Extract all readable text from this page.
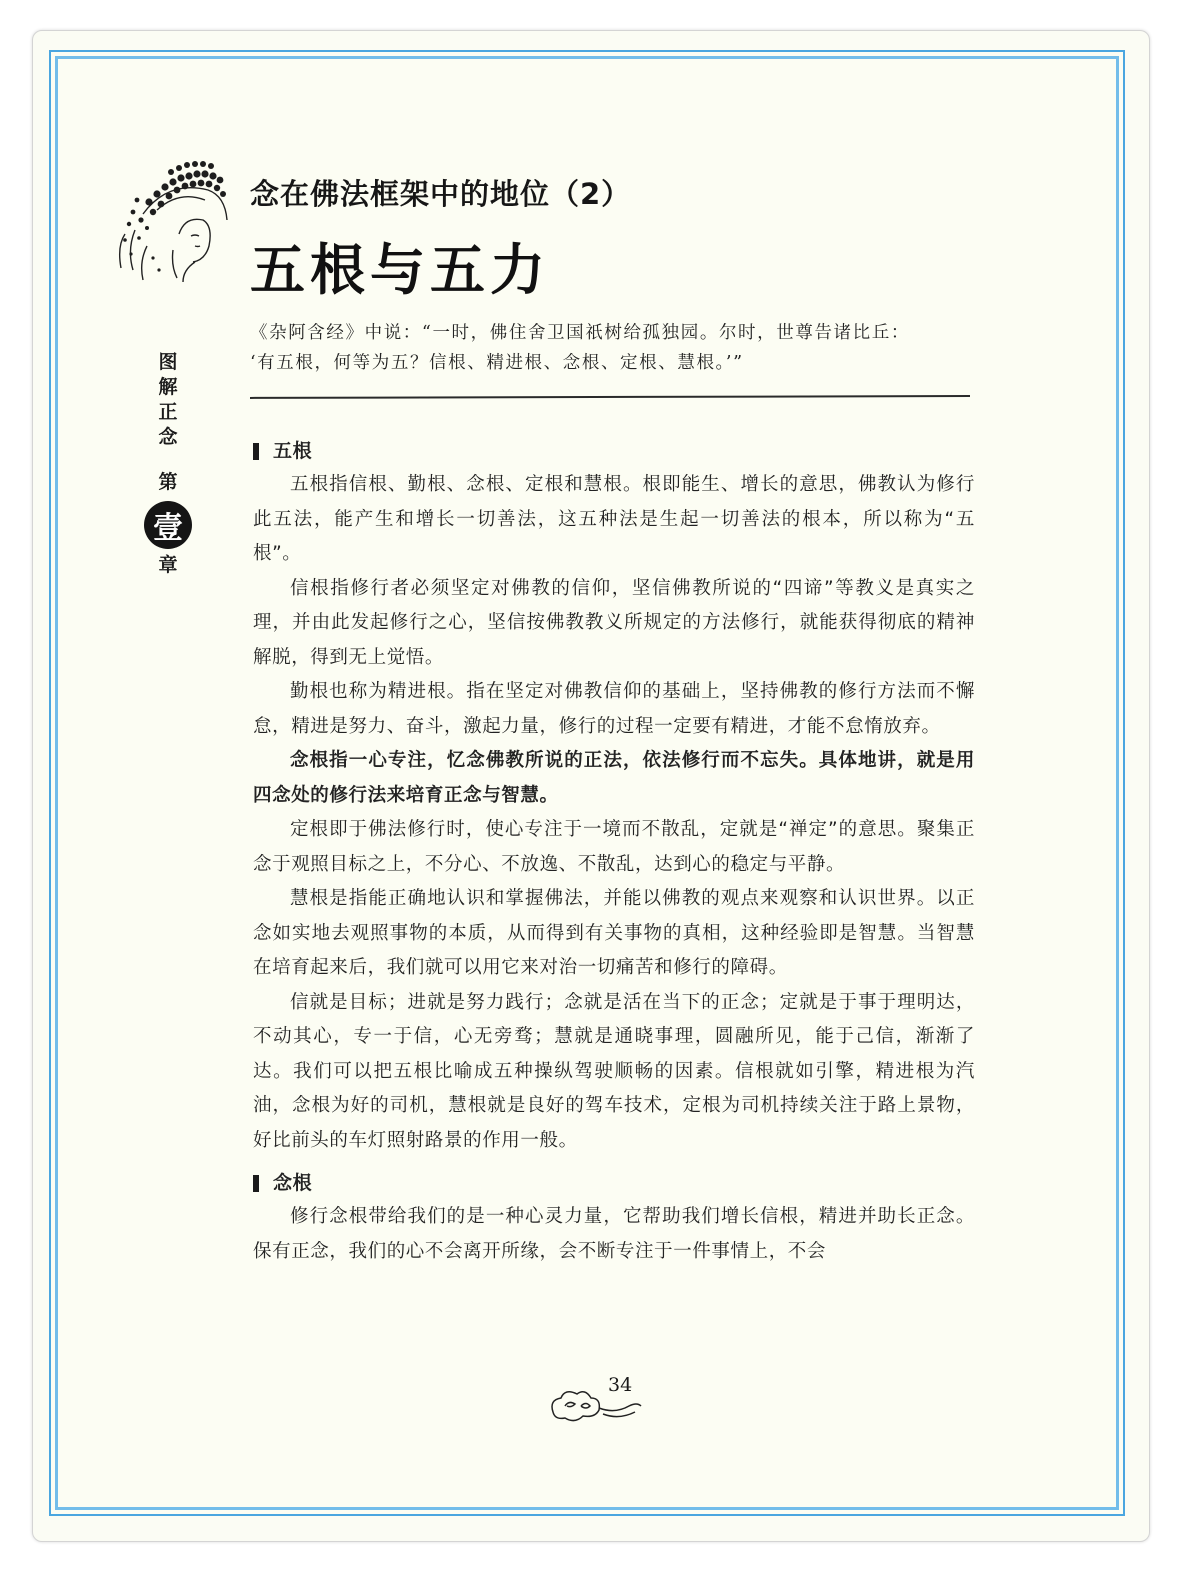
念在佛法框架中的地位（2）
五根与五力

《杂阿含经》中说：“一时，佛住舍卫国祇树给孤独园。尔时，世尊告诸比丘：

‘有五根，何等为五？信根、精进根、念根、定根、慧根。’”

图
解
正
念
第
壹
章
五根

五根指信根、勤根、念根、定根和慧根。根即能生、增长的意思，佛教认为修行此五法，能产生和增长一切善法，这五种法是生起一切善法的根本，所以称为“五根”。

信根指修行者必须坚定对佛教的信仰，坚信佛教所说的“四谛”等教义是真实之理，并由此发起修行之心，坚信按佛教教义所规定的方法修行，就能获得彻底的精神解脱，得到无上觉悟。

勤根也称为精进根。指在坚定对佛教信仰的基础上，坚持佛教的修行方法而不懈怠，精进是努力、奋斗，激起力量，修行的过程一定要有精进，才能不怠惰放弃。

念根指一心专注，忆念佛教所说的正法，依法修行而不忘失。具体地讲，就是用四念处的修行法来培育正念与智慧。

定根即于佛法修行时，使心专注于一境而不散乱，定就是“禅定”的意思。聚集正念于观照目标之上，不分心、不放逸、不散乱，达到心的稳定与平静。

慧根是指能正确地认识和掌握佛法，并能以佛教的观点来观察和认识世界。以正念如实地去观照事物的本质，从而得到有关事物的真相，这种经验即是智慧。当智慧在培育起来后，我们就可以用它来对治一切痛苦和修行的障碍。

信就是目标；进就是努力践行；念就是活在当下的正念；定就是于事于理明达，不动其心，专一于信，心无旁骛；慧就是通晓事理，圆融所见，能于己信，渐渐了达。我们可以把五根比喻成五种操纵驾驶顺畅的因素。信根就如引擎，精进根为汽油，念根为好的司机，慧根就是良好的驾车技术，定根为司机持续关注于路上景物，好比前头的车灯照射路景的作用一般。

念根

修行念根带给我们的是一种心灵力量，它帮助我们增长信根，精进并助长正念。保有正念，我们的心不会离开所缘，会不断专注于一件事情上，不会

34
